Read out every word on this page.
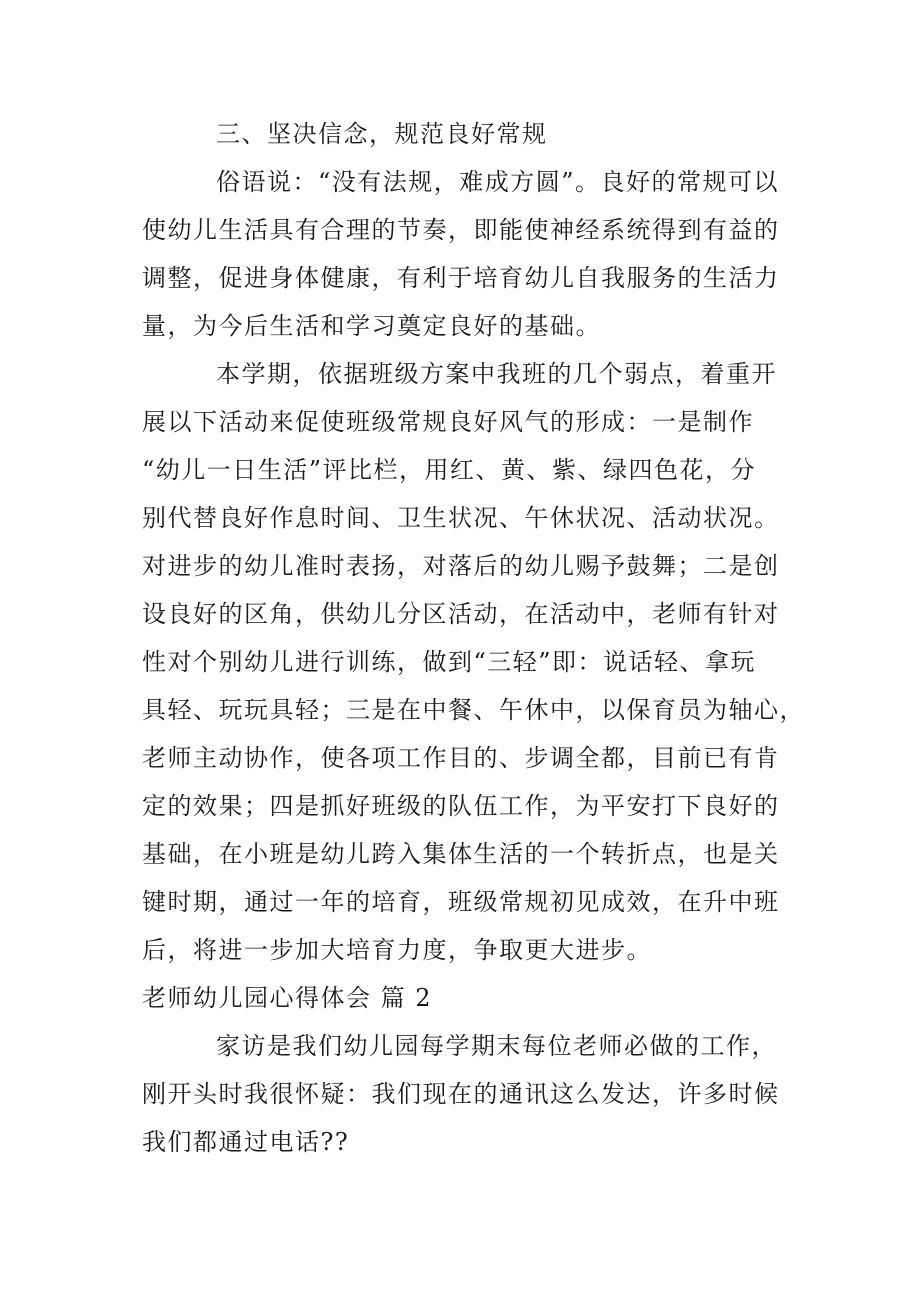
三、坚决信念，规范良好常规
俗语说：“没有法规，难成方圆”。良好的常规可以
使幼儿生活具有合理的节奏，即能使神经系统得到有益的
调整，促进身体健康，有利于培育幼儿自我服务的生活力
量，为今后生活和学习奠定良好的基础。
本学期，依据班级方案中我班的几个弱点，着重开
展以下活动来促使班级常规良好风气的形成：一是制作
“幼儿一日生活”评比栏，用红、黄、紫、绿四色花，分
别代替良好作息时间、卫生状况、午休状况、活动状况。
对进步的幼儿准时表扬，对落后的幼儿赐予鼓舞；二是创
设良好的区角，供幼儿分区活动，在活动中，老师有针对
性对个别幼儿进行训练，做到“三轻”即：说话轻、拿玩
具轻、玩玩具轻；三是在中餐、午休中，以保育员为轴心，
老师主动协作，使各项工作目的、步调全都，目前已有肯
定的效果；四是抓好班级的队伍工作，为平安打下良好的
基础，在小班是幼儿跨入集体生活的一个转折点，也是关
键时期，通过一年的培育，班级常规初见成效，在升中班
后，将进一步加大培育力度，争取更大进步。
老师幼儿园心得体会 篇 2
家访是我们幼儿园每学期末每位老师必做的工作，
刚开头时我很怀疑：我们现在的通讯这么发达，许多时候
我们都通过电话??
